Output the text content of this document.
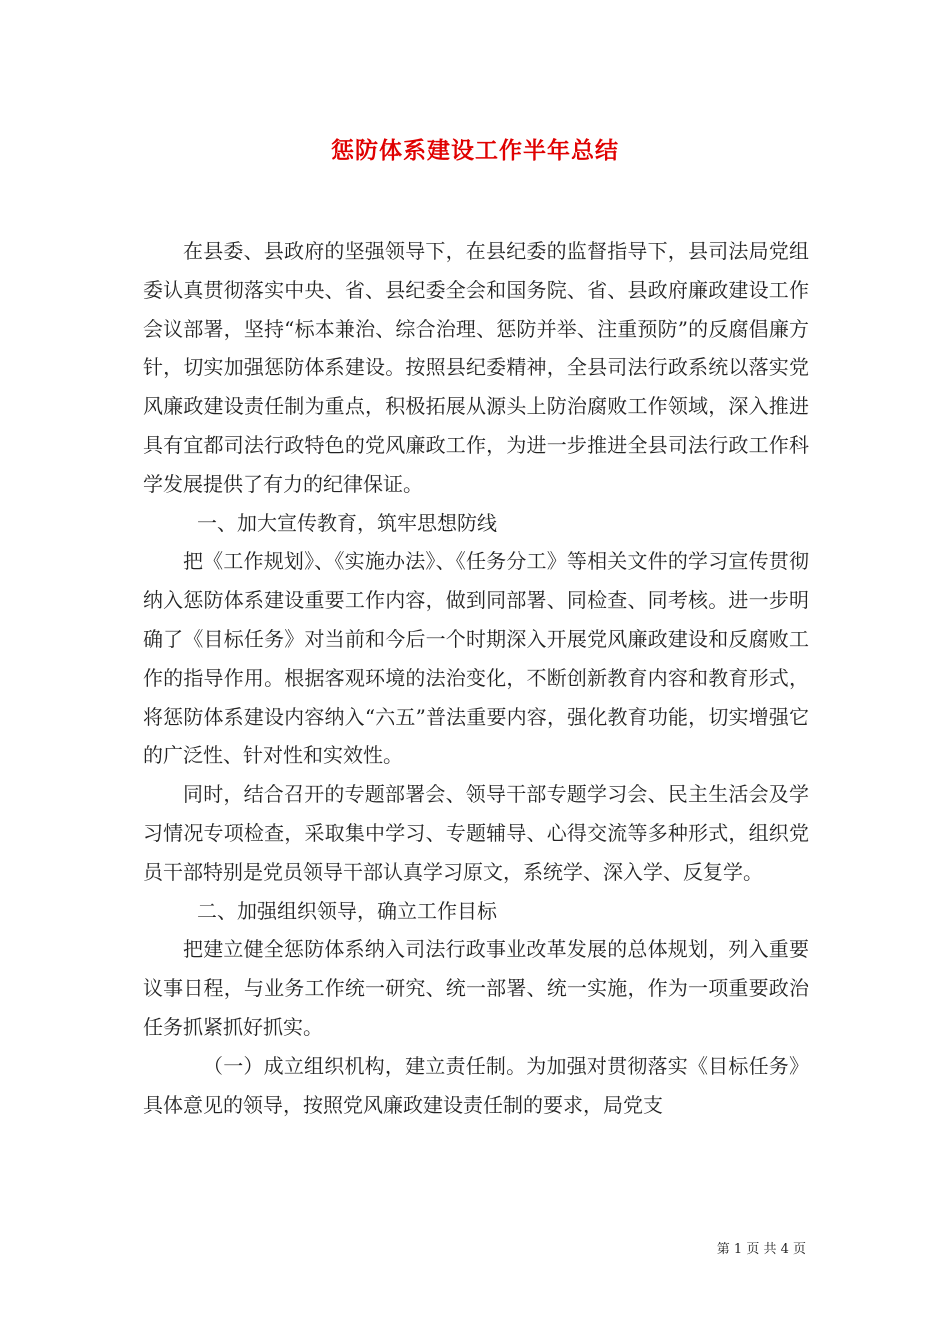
惩防体系建设工作半年总结

在县委、县政府的坚强领导下，在县纪委的监督指导下，县司法局党组委认真贯彻落实中央、省、县纪委全会和国务院、省、县政府廉政建设工作会议部署，坚持“标本兼治、综合治理、惩防并举、注重预防”的反腐倡廉方针，切实加强惩防体系建设。按照县纪委精神，全县司法行政系统以落实党风廉政建设责任制为重点，积极拓展从源头上防治腐败工作领域，深入推进具有宜都司法行政特色的党风廉政工作，为进一步推进全县司法行政工作科学发展提供了有力的纪律保证。

一、加大宣传教育，筑牢思想防线

把《工作规划》、《实施办法》、《任务分工》等相关文件的学习宣传贯彻纳入惩防体系建设重要工作内容，做到同部署、同检查、同考核。进一步明确了《目标任务》对当前和今后一个时期深入开展党风廉政建设和反腐败工作的指导作用。根据客观环境的法治变化，不断创新教育内容和教育形式，将惩防体系建设内容纳入“六五”普法重要内容，强化教育功能，切实增强它的广泛性、针对性和实效性。

同时，结合召开的专题部署会、领导干部专题学习会、民主生活会及学习情况专项检查，采取集中学习、专题辅导、心得交流等多种形式，组织党员干部特别是党员领导干部认真学习原文，系统学、深入学、反复学。

二、加强组织领导，确立工作目标

把建立健全惩防体系纳入司法行政事业改革发展的总体规划，列入重要议事日程，与业务工作统一研究、统一部署、统一实施，作为一项重要政治任务抓紧抓好抓实。

（一）成立组织机构，建立责任制。为加强对贯彻落实《目标任务》具体意见的领导，按照党风廉政建设责任制的要求，局党支

第 1 页 共 4 页
